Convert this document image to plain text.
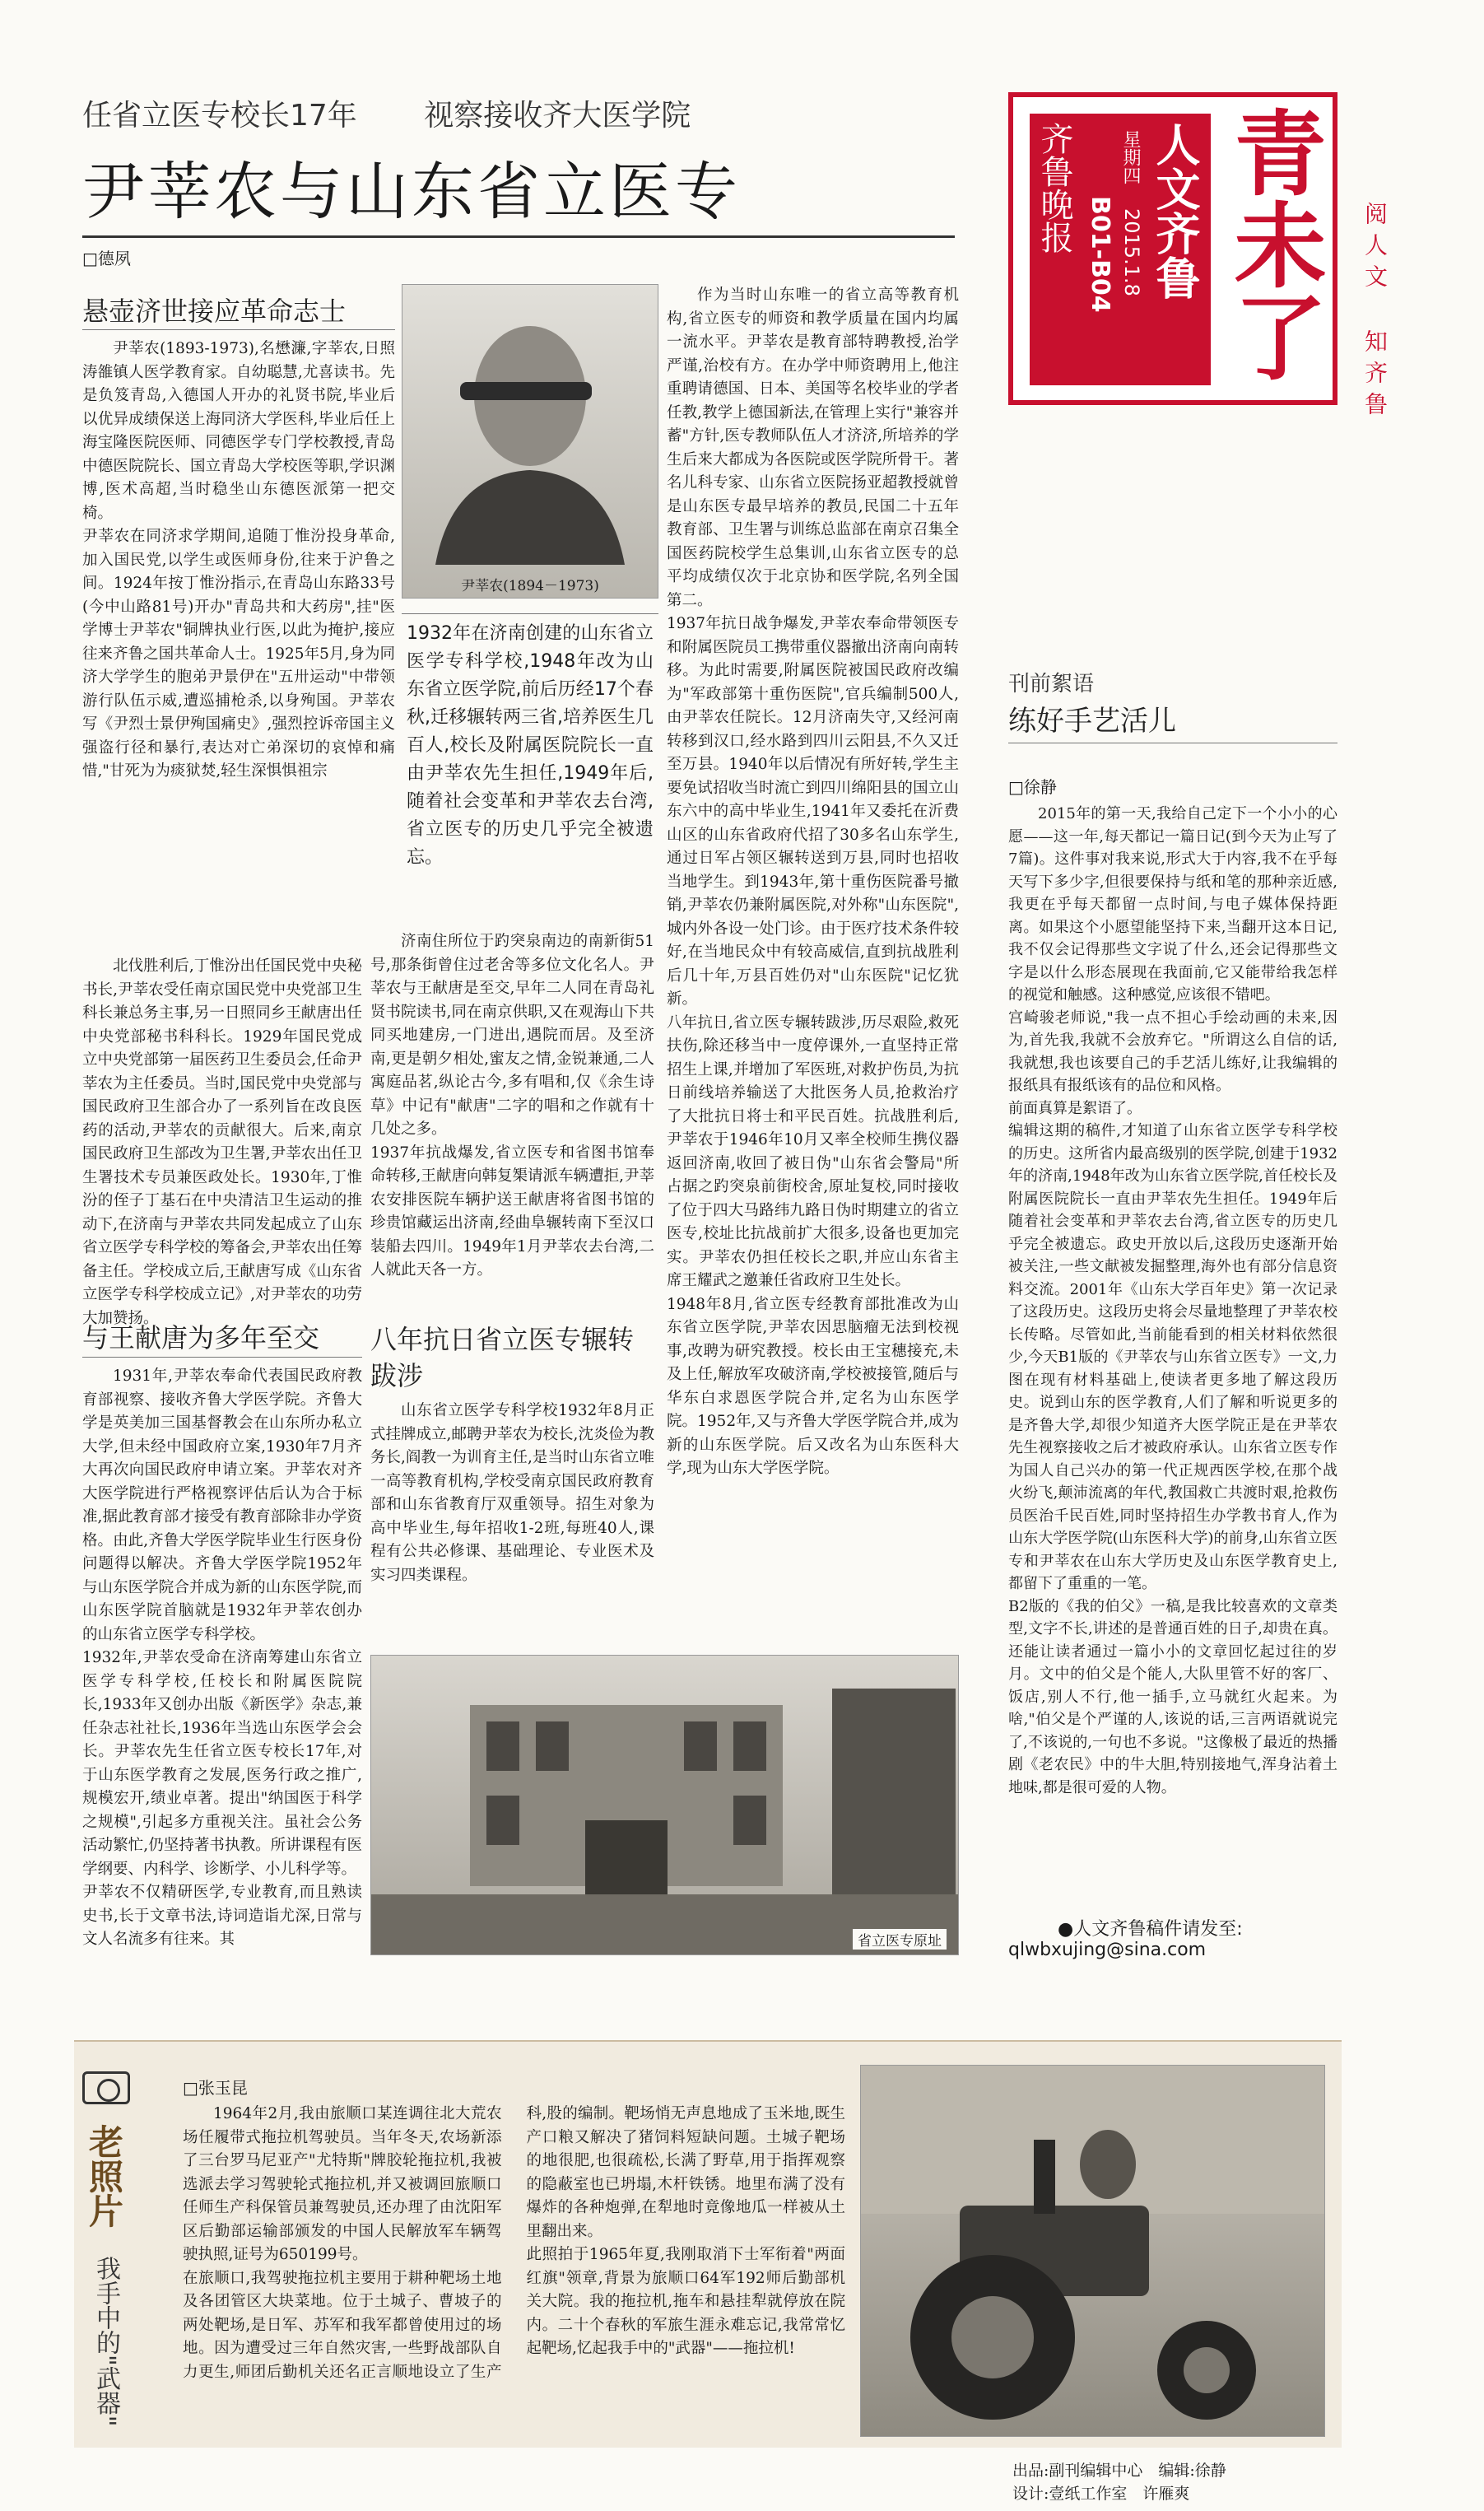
任省立医专校长17年 视察接收齐大医学院
尹莘农与山东省立医专
□德夙	青未了
人文齐鲁
星期四
2015.1.8
B01-B04
齐鲁晚报	阅人文
知齐鲁
悬壶济世接应革命志士
尹莘农(1893-1973),名懋濂,字莘农,日照涛雒镇人医学教育家。自幼聪慧,尤喜读书。先是负笈青岛,入德国人开办的礼贤书院,毕业后以优异成绩保送上海同济大学医科,毕业后任上海宝隆医院医师、同德医学专门学校教授,青岛中德医院院长、国立青岛大学校医等职,学识渊博,医术高超,当时稳坐山东德医派第一把交椅。
尹莘农在同济求学期间,追随丁惟汾投身革命,加入国民党,以学生或医师身份,往来于沪鲁之间。1924年按丁惟汾指示,在青岛山东路33号(今中山路81号)开办"青岛共和大药房",挂"医学博士尹莘农"铜牌执业行医,以此为掩护,接应往来齐鲁之国共革命人士。1925年5月,身为同济大学学生的胞弟尹景伊在"五卅运动"中带领游行队伍示威,遭巡捕枪杀,以身殉国。尹莘农写《尹烈士景伊殉国痛史》,强烈控诉帝国主义强盗行径和暴行,表达对亡弟深切的哀悼和痛惜,"甘死为为痰狱焚,轻生深惧惧祖宗
尹莘农(1894－1973)
1932年在济南创建的山东省立医学专科学校,1948年改为山东省立医学院,前后历经17个春秋,迁移辗转两三省,培养医生几百人,校长及附属医院院长一直由尹莘农先生担任,1949年后,随着社会变革和尹莘农去台湾,省立医专的历史几乎完全被遗忘。
北伐胜利后,丁惟汾出任国民党中央秘书长,尹莘农受任南京国民党中央党部卫生科长兼总务主事,另一日照同乡王献唐出任中央党部秘书科科长。1929年国民党成立中央党部第一届医药卫生委员会,任命尹莘农为主任委员。当时,国民党中央党部与国民政府卫生部合办了一系列旨在改良医药的活动,尹莘农的贡献很大。后来,南京国民政府卫生部改为卫生署,尹莘农出任卫生署技术专员兼医政处长。1930年,丁惟汾的侄子丁基石在中央清洁卫生运动的推动下,在济南与尹莘农共同发起成立了山东省立医学专科学校的筹备会,尹莘农出任筹备主任。学校成立后,王献唐写成《山东省立医学专科学校成立记》,对尹莘农的功劳大加赞扬。
与王献唐为多年至交
1931年,尹莘农奉命代表国民政府教育部视察、接收齐鲁大学医学院。齐鲁大学是英美加三国基督教会在山东所办私立大学,但未经中国政府立案,1930年7月齐大再次向国民政府申请立案。尹莘农对齐大医学院进行严格视察评估后认为合于标准,据此教育部才接受有教育部除非办学资格。由此,齐鲁大学医学院毕业生行医身份问题得以解决。齐鲁大学医学院1952年与山东医学院合并成为新的山东医学院,而山东医学院首脑就是1932年尹莘农创办的山东省立医学专科学校。
1932年,尹莘农受命在济南筹建山东省立医学专科学校,任校长和附属医院院长,1933年又创办出版《新医学》杂志,兼任杂志社社长,1936年当选山东医学会会长。尹莘农先生任省立医专校长17年,对于山东医学教育之发展,医务行政之推广,规模宏开,绩业卓著。提出"纳国医于科学之规模",引起多方重视关注。虽社会公务活动繁忙,仍坚持著书执教。所讲课程有医学纲要、内科学、诊断学、小儿科学等。
尹莘农不仅精研医学,专业教育,而且熟读史书,长于文章书法,诗词造诣尤深,日常与文人名流多有往来。其
济南住所位于趵突泉南边的南新街51号,那条街曾住过老舍等多位文化名人。尹莘农与王献唐是至交,早年二人同在青岛礼贤书院读书,同在南京供职,又在观海山下共同买地建房,一门进出,遇院而居。及至济南,更是朝夕相处,蜜友之情,金锐兼通,二人寓庭品茗,纵论古今,多有唱和,仅《余生诗草》中记有"献唐"二字的唱和之作就有十几处之多。
1937年抗战爆发,省立医专和省图书馆奉命转移,王献唐向韩复榘请派车辆遭拒,尹莘农安排医院车辆护送王献唐将省图书馆的珍贵馆藏运出济南,经曲阜辗转南下至汉口装船去四川。1949年1月尹莘农去台湾,二人就此天各一方。
八年抗日省立医专辗转跋涉
山东省立医学专科学校1932年8月正式挂牌成立,邮聘尹莘农为校长,沈炎俭为教务长,阎教一为训育主任,是当时山东省立唯一高等教育机构,学校受南京国民政府教育部和山东省教育厅双重领导。招生对象为高中毕业生,每年招收1-2班,每班40人,课程有公共必修课、基础理论、专业医术及实习四类课程。
作为当时山东唯一的省立高等教育机构,省立医专的师资和教学质量在国内均属一流水平。尹莘农是教育部特聘教授,治学严谨,治校有方。在办学中师资聘用上,他注重聘请德国、日本、美国等名校毕业的学者任教,教学上德国新法,在管理上实行"兼容并蓄"方针,医专教师队伍人才济济,所培养的学生后来大都成为各医院或医学院所骨干。著名儿科专家、山东省立医院扬亚超教授就曾是山东医专最早培养的教员,民国二十五年教育部、卫生署与训练总监部在南京召集全国医药院校学生总集训,山东省立医专的总平均成绩仅次于北京协和医学院,名列全国第二。
1937年抗日战争爆发,尹莘农奉命带领医专和附属医院员工携带重仪器撤出济南向南转移。为此时需要,附属医院被国民政府改编为"军政部第十重伤医院",官兵编制500人,由尹莘农任院长。12月济南失守,又经河南转移到汉口,经水路到四川云阳县,不久又迁至万县。1940年以后情况有所好转,学生主要免试招收当时流亡到四川绵阳县的国立山东六中的高中毕业生,1941年又委托在沂费山区的山东省政府代招了30多名山东学生,通过日军占领区辗转送到万县,同时也招收当地学生。到1943年,第十重伤医院番号撤销,尹莘农仍兼附属医院,对外称"山东医院",城内外各设一处门诊。由于医疗技术条件较好,在当地民众中有较高威信,直到抗战胜利后几十年,万县百姓仍对"山东医院"记忆犹新。
八年抗日,省立医专辗转跋涉,历尽艰险,救死扶伤,除还移当中一度停课外,一直坚持正常招生上课,并增加了军医班,对救护伤员,为抗日前线培养输送了大批医务人员,抢救治疗了大批抗日将士和平民百姓。抗战胜利后,尹莘农于1946年10月又率全校师生携仪器返回济南,收回了被日伪"山东省会警局"所占据之趵突泉前街校舍,原址复校,同时接收了位于四大马路纬九路日伪时期建立的省立医专,校址比抗战前扩大很多,设备也更加完实。尹莘农仍担任校长之职,并应山东省主席王耀武之邀兼任省政府卫生处长。
1948年8月,省立医专经教育部批准改为山东省立医学院,尹莘农因思脑瘤无法到校视事,改聘为研究教授。校长由王宝穗接充,未及上任,解放军攻破济南,学校被接管,随后与华东白求恩医学院合并,定名为山东医学院。1952年,又与齐鲁大学医学院合并,成为新的山东医学院。后又改名为山东医科大学,现为山东大学医学院。
省立医专原址
刊前絮语
练好手艺活儿
□徐静
2015年的第一天,我给自己定下一个小小的心愿——这一年,每天都记一篇日记(到今天为止写了7篇)。这件事对我来说,形式大于内容,我不在乎每天写下多少字,但很要保持与纸和笔的那种亲近感,我更在乎每天都留一点时间,与电子媒体保持距离。如果这个小愿望能坚持下来,当翻开这本日记,我不仅会记得那些文字说了什么,还会记得那些文字是以什么形态展现在我面前,它又能带给我怎样的视觉和触感。这种感觉,应该很不错吧。
宫崎骏老师说,"我一点不担心手绘动画的未来,因为,首先我,我就不会放弃它。"所谓这么自信的话,我就想,我也该要自己的手艺活儿练好,让我编辑的报纸具有报纸该有的品位和风格。
前面真算是絮语了。
编辑这期的稿件,才知道了山东省立医学专科学校的历史。这所省内最高级别的医学院,创建于1932年的济南,1948年改为山东省立医学院,首任校长及附属医院院长一直由尹莘农先生担任。1949年后随着社会变革和尹莘农去台湾,省立医专的历史几乎完全被遗忘。政史开放以后,这段历史逐渐开始被关注,一些文献被发掘整理,海外也有部分信息资料交流。2001年《山东大学百年史》第一次记录了这段历史。这段历史将会尽量地整理了尹莘农校长传略。尽管如此,当前能看到的相关材料依然很少,今天B1版的《尹莘农与山东省立医专》一文,力图在现有材料基础上,使读者更多地了解这段历史。说到山东的医学教育,人们了解和听说更多的是齐鲁大学,却很少知道齐大医学院正是在尹莘农先生视察接收之后才被政府承认。山东省立医专作为国人自己兴办的第一代正规西医学校,在那个战火纷飞,颠沛流离的年代,教国救亡共渡时艰,抢救伤员医治千民百姓,同时坚持招生办学教书育人,作为山东大学医学院(山东医科大学)的前身,山东省立医专和尹莘农在山东大学历史及山东医学教育史上,都留下了重重的一笔。
B2版的《我的伯父》一稿,是我比较喜欢的文章类型,文字不长,讲述的是普通百姓的日子,却贵在真。还能让读者通过一篇小小的文章回忆起过往的岁月。文中的伯父是个能人,大队里管不好的客厂、饭店,别人不行,他一插手,立马就红火起来。为啥,"伯父是个严谨的人,该说的话,三言两语就说完了,不该说的,一句也不多说。"这像极了最近的热播剧《老农民》中的牛大胆,特别接地气,浑身沾着土地味,都是很可爱的人物。
●人文齐鲁稿件请发至:
qlwbxujing@sina.com
老照片
我手中的"武器"
□张玉昆
1964年2月,我由旅顺口某连调往北大荒农场任履带式拖拉机驾驶员。当年冬天,农场新添了三台罗马尼亚产"尤特斯"牌胶轮拖拉机,我被选派去学习驾驶轮式拖拉机,并又被调回旅顺口任师生产科保管员兼驾驶员,还办理了由沈阳军区后勤部运输部颁发的中国人民解放军车辆驾驶执照,证号为650199号。
在旅顺口,我驾驶拖拉机主要用于耕种靶场土地及各团管区大块菜地。位于土城子、曹坡子的两处靶场,是日军、苏军和我军都曾使用过的场地。因为遭受过三年自然灾害,一些野战部队自力更生,师团后勤机关还名正言顺地设立了生产科,股的编制。靶场悄无声息地成了玉米地,既生产口粮又解决了猪饲料短缺问题。土城子靶场的地很肥,也很疏松,长满了野草,用于指挥观察的隐蔽室也已坍塌,木杆铁锈。地里布满了没有爆炸的各种炮弹,在犁地时竟像地瓜一样被从土里翻出来。
此照拍于1965年夏,我刚取消下士军衔着"两面红旗"领章,背景为旅顺口64军192师后勤部机关大院。我的拖拉机,拖车和悬挂犁就停放在院内。二十个春秋的军旅生涯永难忘记,我常常忆起靶场,忆起我手中的"武器"——拖拉机!
出品:副刊编辑中心　编辑:徐静
设计:壹纸工作室　许雁爽
